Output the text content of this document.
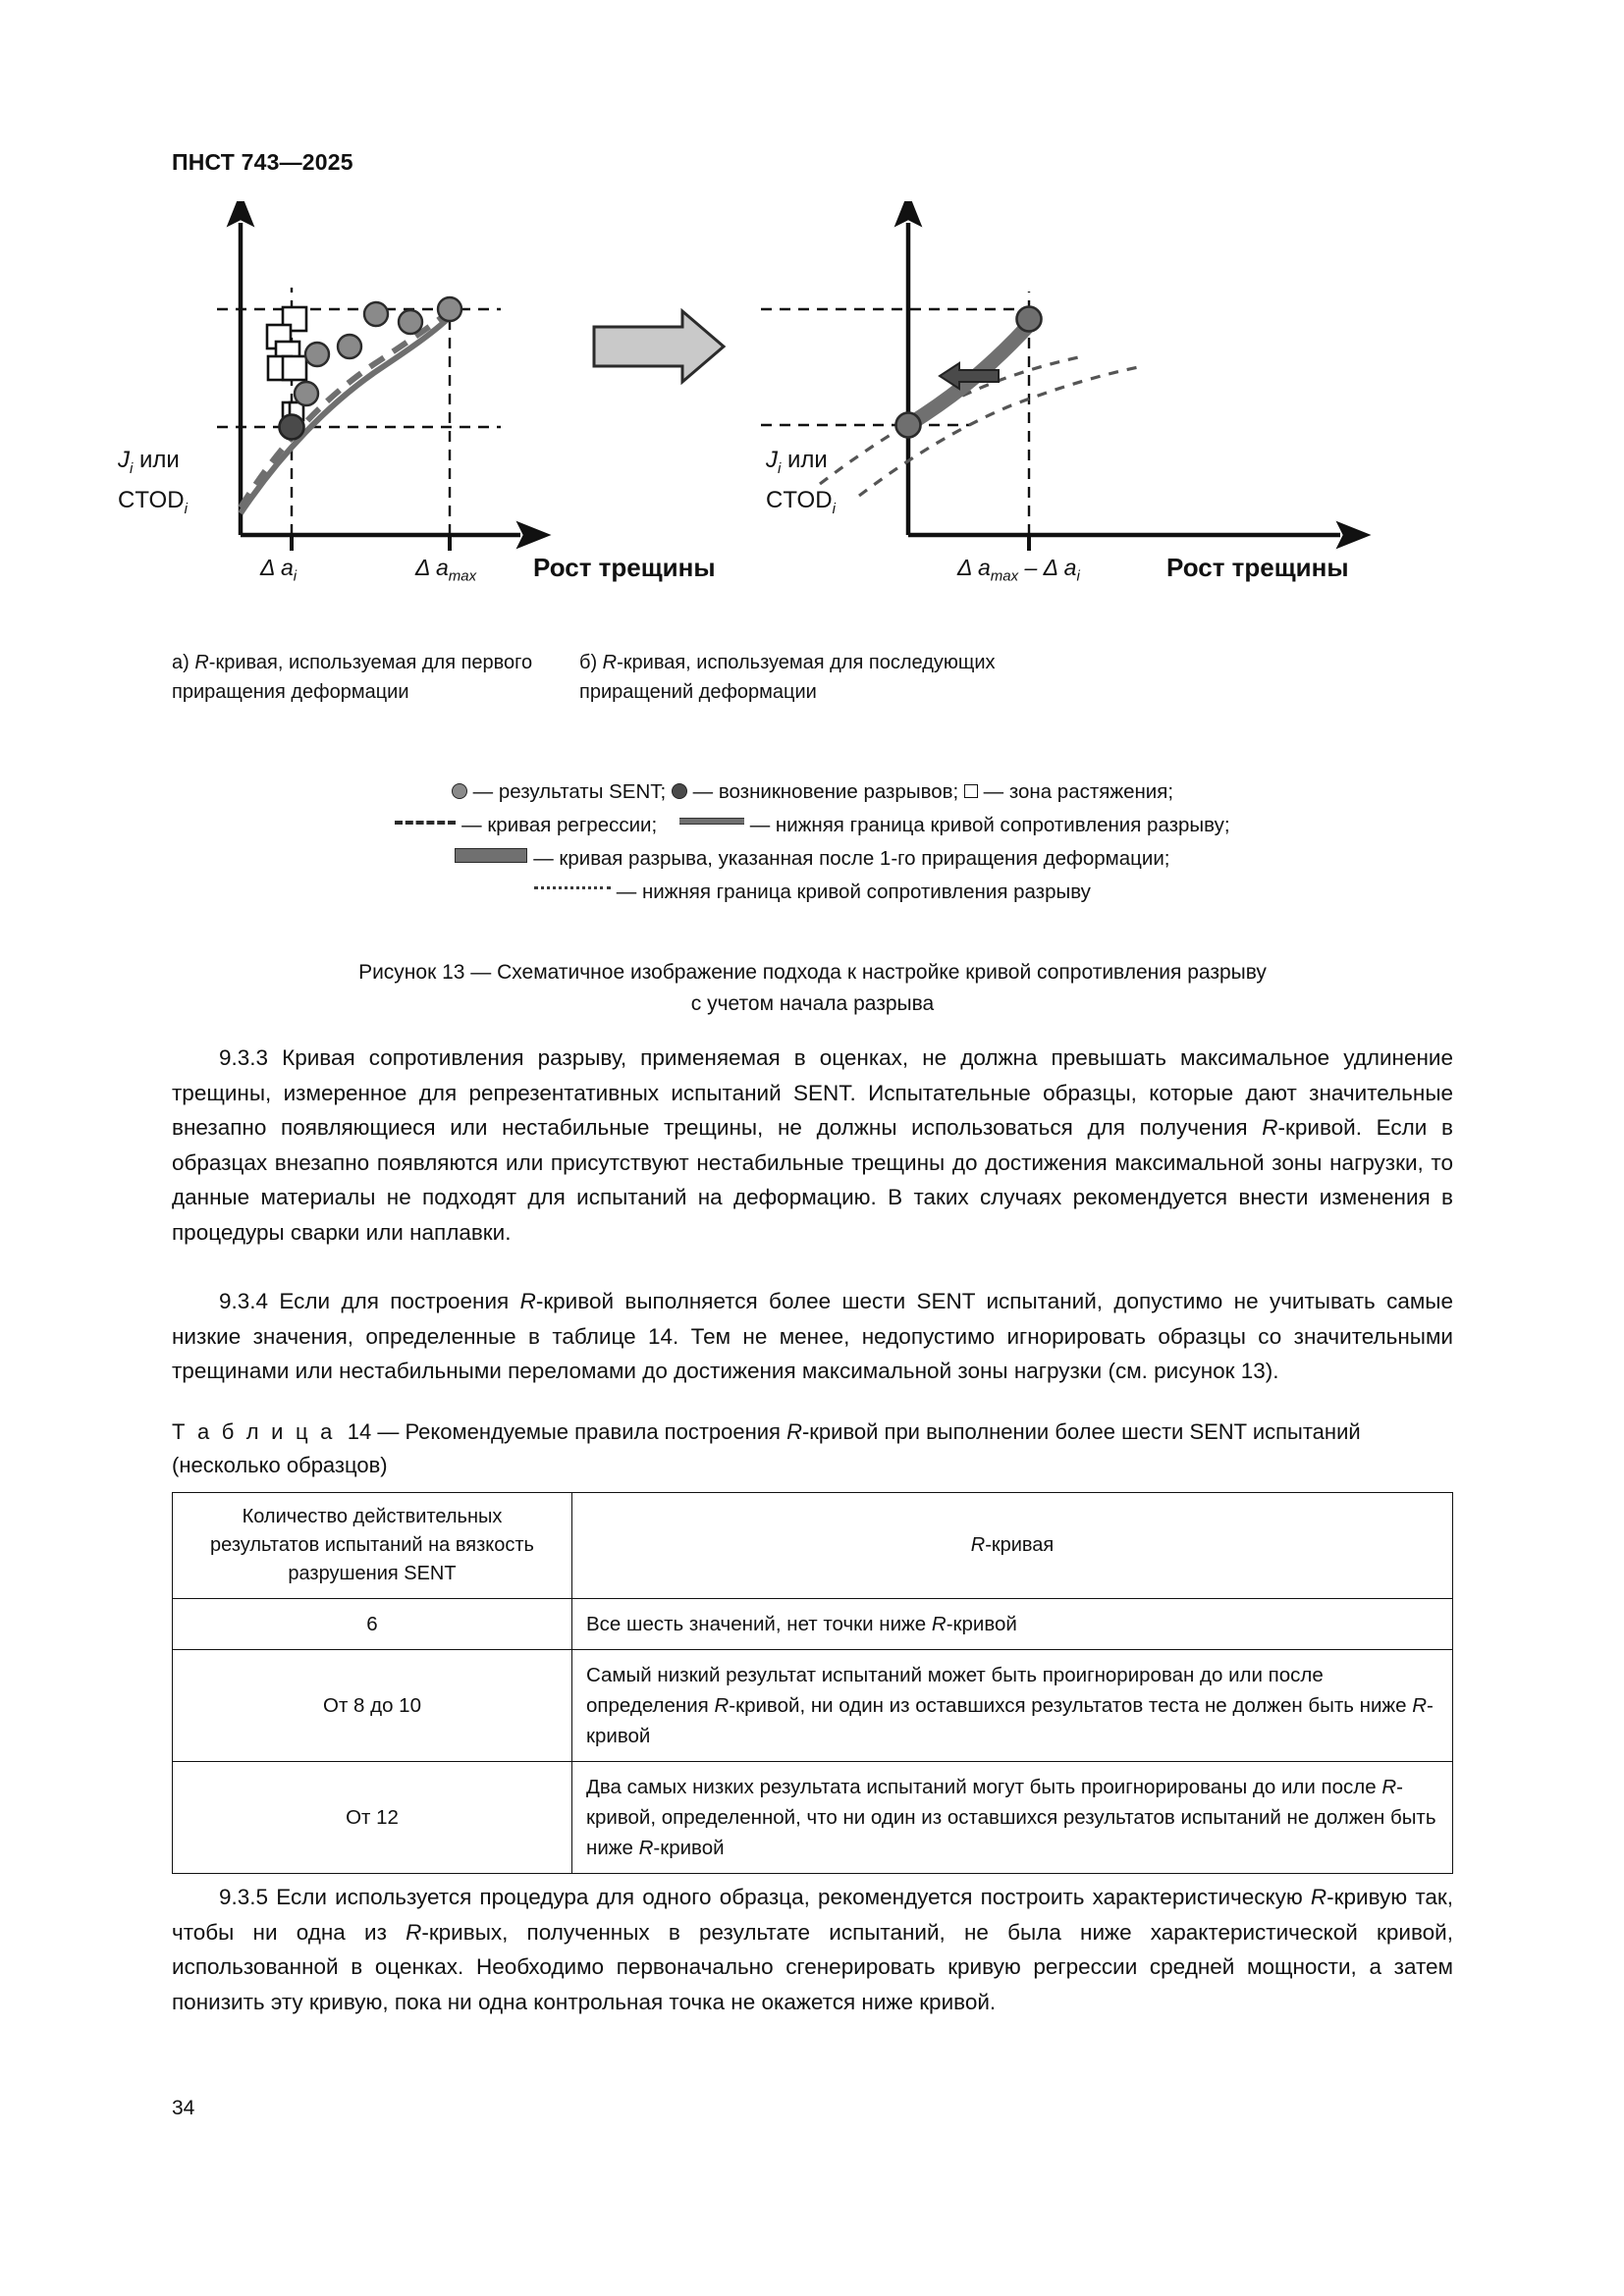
ПНСТ 743—2025
$J_i$ или
$CTOD_i$
Δ $a_i$	Δ $a_{max}$ Рост трещины
$J_i$ или
$CTOD_i$
Δ $a_{max}$ – Δ $a_i$	Рост трещины
а) R-кривая, используемая для первого приращения деформацииб) R-кривая, используемая для последующих приращений деформации
— результаты SENT; — возникновение разрывов; — зона растяжения;
— кривая регрессии;	— нижняя граница кривой сопротивления разрыву;
— кривая разрыва, указанная после 1-го приращения деформации;
— нижняя граница кривой сопротивления разрыву
Рисунок 13 — Схематичное изображение подхода к настройке кривой сопротивления разрыву
с учетом начала разрыва

9.3.3 Кривая сопротивления разрыву, применяемая в оценках, не должна превышать максимальное удлинение трещины, измеренное для репрезентативных испытаний SENT. Испытательные образцы, которые дают значительные внезапно появляющиеся или нестабильные трещины, не должны использоваться для получения R-кривой. Если в образцах внезапно появляются или присутствуют нестабильные трещины до достижения максимальной зоны нагрузки, то данные материалы не подходят для испытаний на деформацию. В таких случаях рекомендуется внести изменения в процедуры сварки или наплавки.

9.3.4 Если для построения R-кривой выполняется более шести SENT испытаний, допустимо не учитывать самые низкие значения, определенные в таблице 14. Тем не менее, недопустимо игнорировать образцы со значительными трещинами или нестабильными переломами до достижения максимальной зоны нагрузки (см. рисунок 13).

Т а б л и ц а 14 — Рекомендуемые правила построения R-кривой при выполнении более шести SENT испытаний
(несколько образцов)
Количество действительных результатов испытаний на вязкость разрушения SENT	R-кривая
6	Все шесть значений, нет точки ниже R-кривой
От 8 до 10	Самый низкий результат испытаний может быть проигнорирован до или после определения R-кривой, ни один из оставшихся результатов теста не должен быть ниже R-кривой
От 12	Два самых низких результата испытаний могут быть проигнорированы до или после R-кривой, определенной, что ни один из оставшихся результатов испытаний не должен быть ниже R-кривой

9.3.5 Если используется процедура для одного образца, рекомендуется построить характеристическую R-кривую так, чтобы ни одна из R-кривых, полученных в результате испытаний, не была ниже характеристической кривой, использованной в оценках. Необходимо первоначально сгенерировать кривую регрессии средней мощности, а затем понизить эту кривую, пока ни одна контрольная точка не окажется ниже кривой.

34
